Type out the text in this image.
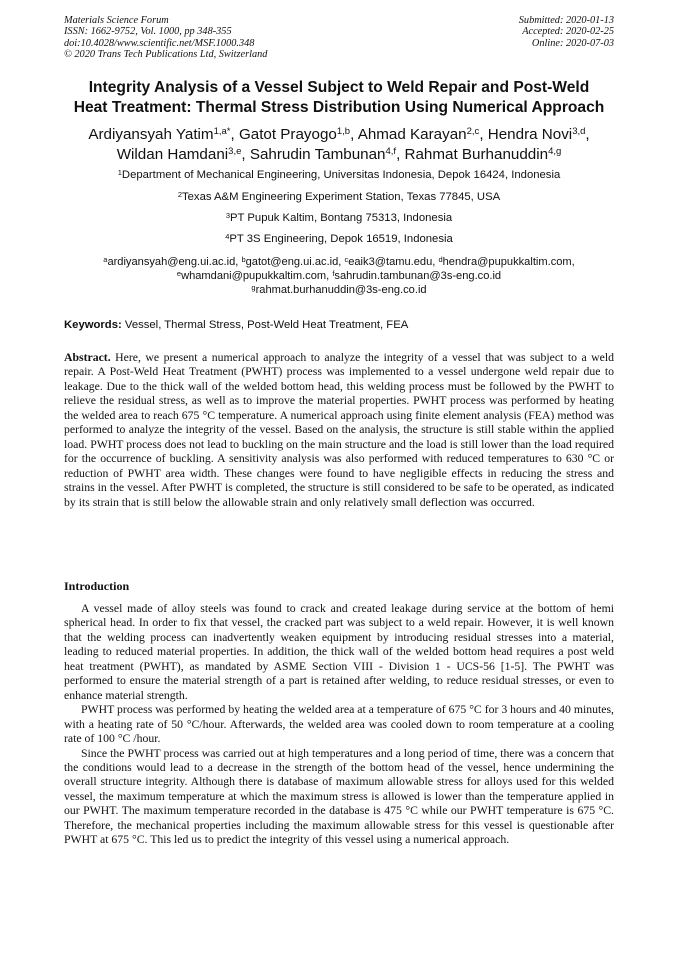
Materials Science Forum
ISSN: 1662-9752, Vol. 1000, pp 348-355
doi:10.4028/www.scientific.net/MSF.1000.348
© 2020 Trans Tech Publications Ltd, Switzerland
Submitted: 2020-01-13
Accepted: 2020-02-25
Online: 2020-07-03
Integrity Analysis of a Vessel Subject to Weld Repair and Post-Weld
Heat Treatment: Thermal Stress Distribution Using Numerical Approach
Ardiyansyah Yatim$^{1,a*}$, Gatot Prayogo$^{1,b}$, Ahmad Karayan$^{2,c}$, Hendra Novi$^{3,d}$,
Wildan Hamdani$^{3,e}$, Sahrudin Tambunan$^{4,f}$, Rahmat Burhanuddin$^{4,g}$
$^1$Department of Mechanical Engineering, Universitas Indonesia, Depok 16424, Indonesia
$^2$Texas A&M Engineering Experiment Station, Texas 77845, USA
$^3$PT Pupuk Kaltim, Bontang 75313, Indonesia
$^4$PT 3S Engineering, Depok 16519, Indonesia
$^a$ardiyansyah@eng.ui.ac.id, $^b$gatot@eng.ui.ac.id, $^c$eaik3@tamu.edu, $^d$hendra@pupukkaltim.com,
$^e$whamdani@pupukkaltim.com, $^f$sahrudin.tambunan@3s-eng.co.id
$^g$rahmat.burhanuddin@3s-eng.co.id
Keywords: Vessel, Thermal Stress, Post-Weld Heat Treatment, FEA
Abstract. Here, we present a numerical approach to analyze the integrity of a vessel that was subject to a weld repair. A Post-Weld Heat Treatment (PWHT) process was implemented to a vessel undergone weld repair due to leakage. Due to the thick wall of the welded bottom head, this welding process must be followed by the PWHT to relieve the residual stress, as well as to improve the material properties. PWHT process was performed by heating the welded area to reach 675 °C temperature. A numerical approach using finite element analysis (FEA) method was performed to analyze the integrity of the vessel. Based on the analysis, the structure is still stable within the applied load. PWHT process does not lead to buckling on the main structure and the load is still lower than the load required for the occurrence of buckling. A sensitivity analysis was also performed with reduced temperatures to 630 °C or reduction of PWHT area width. These changes were found to have negligible effects in reducing the stress and strains in the vessel. After PWHT is completed, the structure is still considered to be safe to be operated, as indicated by its strain that is still below the allowable strain and only relatively small deflection was occurred.
Introduction

A vessel made of alloy steels was found to crack and created leakage during service at the bottom of hemi spherical head. In order to fix that vessel, the cracked part was subject to a weld repair. However, it is well known that the welding process can inadvertently weaken equipment by introducing residual stresses into a material, leading to reduced material properties. In addition, the thick wall of the welded bottom head requires a post weld heat treatment (PWHT), as mandated by ASME Section VIII - Division 1 - UCS-56 [1-5]. The PWHT was performed to ensure the material strength of a part is retained after welding, to reduce residual stresses, or even to enhance material strength.

PWHT process was performed by heating the welded area at a temperature of 675 °C for 3 hours and 40 minutes, with a heating rate of 50 °C/hour. Afterwards, the welded area was cooled down to room temperature at a cooling rate of 100 °C /hour.

Since the PWHT process was carried out at high temperatures and a long period of time, there was a concern that the conditions would lead to a decrease in the strength of the bottom head of the vessel, hence undermining the overall structure integrity. Although there is database of maximum allowable stress for alloys used for this welded vessel, the maximum temperature at which the maximum stress is allowed is lower than the temperature applied in our PWHT. The maximum temperature recorded in the database is 475 °C while our PWHT temperature is 675 °C. Therefore, the mechanical properties including the maximum allowable stress for this vessel is questionable after PWHT at 675 °C. This led us to predict the integrity of this vessel using a numerical approach.
